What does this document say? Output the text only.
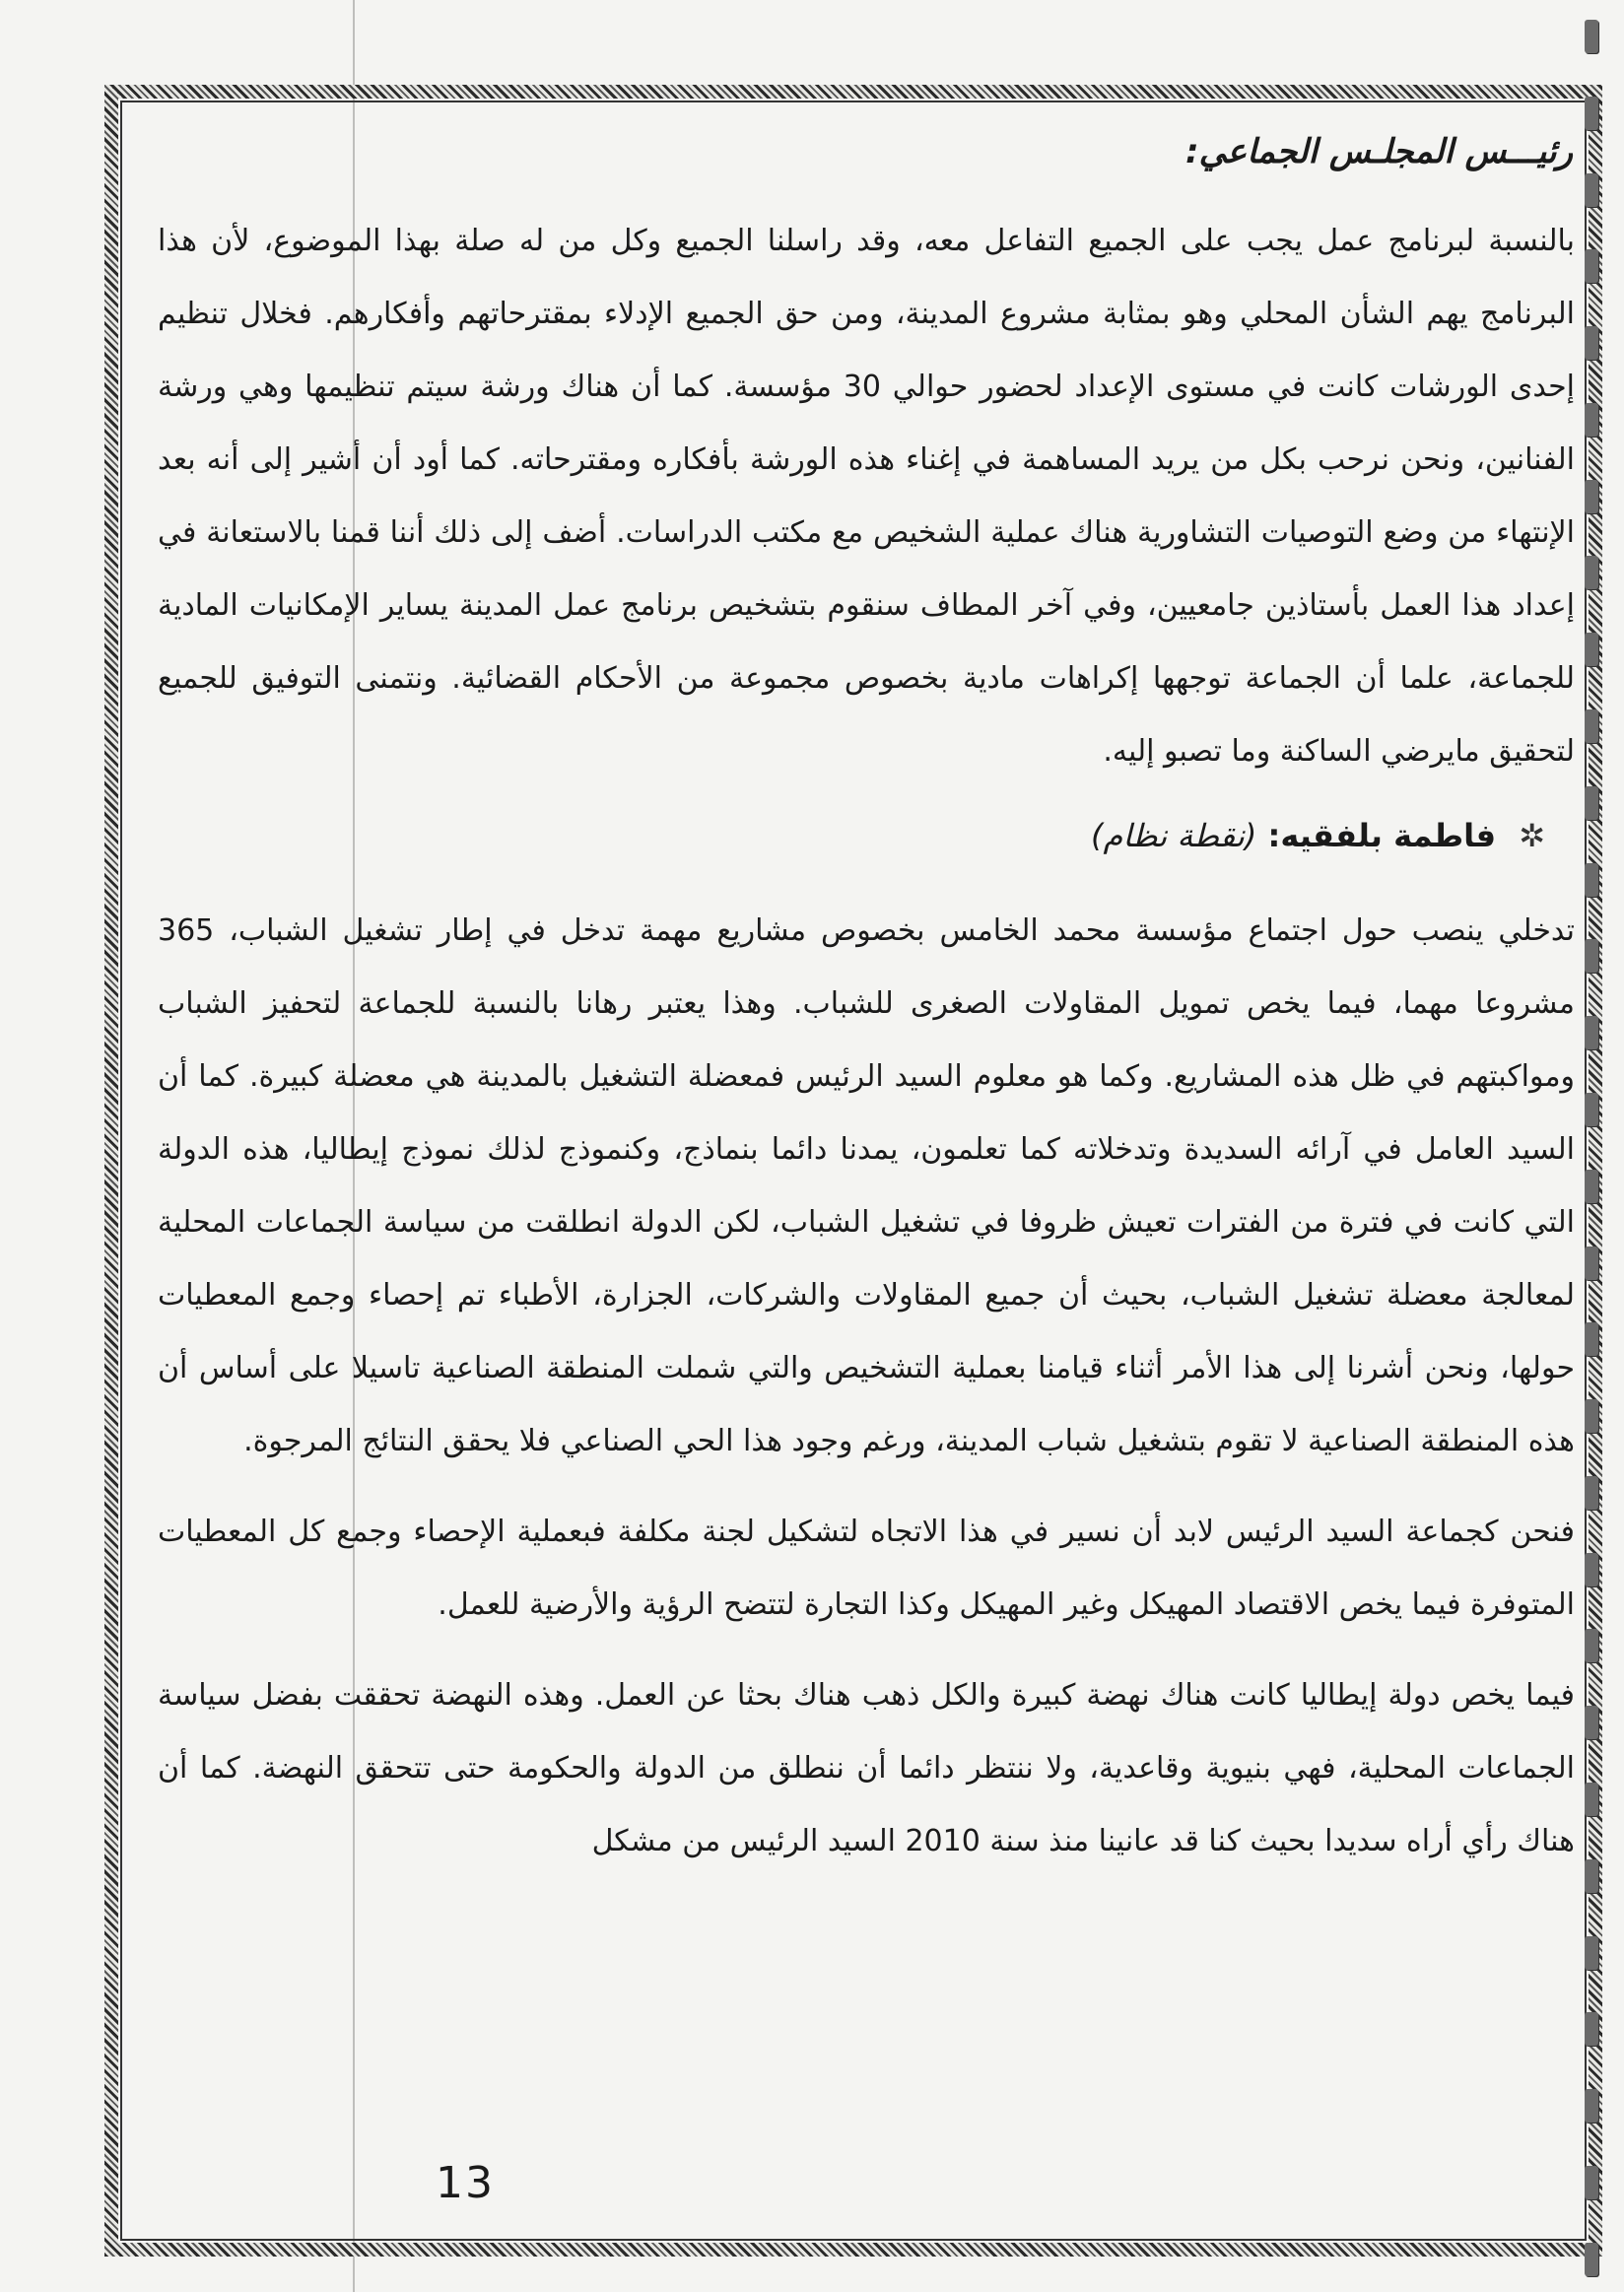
رئيـــس المجلـس الجماعي:

بالنسبة لبرنامج عمل يجب على الجميع التفاعل معه، وقد راسلنا الجميع وكل من له صلة بهذا الموضوع، لأن هذا البرنامج يهم الشأن المحلي وهو بمثابة مشروع المدينة، ومن حق الجميع الإدلاء بمقترحاتهم وأفكارهم. فخلال تنظيم إحدى الورشات كانت في مستوى الإعداد لحضور حوالي 30 مؤسسة. كما أن هناك ورشة سيتم تنظيمها وهي ورشة الفنانين، ونحن نرحب بكل من يريد المساهمة في إغناء هذه الورشة بأفكاره ومقترحاته. كما أود أن أشير إلى أنه بعد الإنتهاء من وضع التوصيات التشاورية هناك عملية الشخيص مع مكتب الدراسات. أضف إلى ذلك أننا قمنا بالاستعانة في إعداد هذا العمل بأستاذين جامعيين، وفي آخر المطاف سنقوم بتشخيص برنامج عمل المدينة يساير الإمكانيات المادية للجماعة، علما أن الجماعة توجهها إكراهات مادية بخصوص مجموعة من الأحكام القضائية. ونتمنى التوفيق للجميع لتحقيق مايرضي الساكنة وما تصبو إليه.

✲ فاطمة بلفقيه: (نقطة نظام)

تدخلي ينصب حول اجتماع مؤسسة محمد الخامس بخصوص مشاريع مهمة تدخل في إطار تشغيل الشباب، 365 مشروعا مهما، فيما يخص تمويل المقاولات الصغرى للشباب. وهذا يعتبر رهانا بالنسبة للجماعة لتحفيز الشباب ومواكبتهم في ظل هذه المشاريع. وكما هو معلوم السيد الرئيس فمعضلة التشغيل بالمدينة هي معضلة كبيرة. كما أن السيد العامل في آرائه السديدة وتدخلاته كما تعلمون، يمدنا دائما بنماذج، وكنموذج لذلك نموذج إيطاليا، هذه الدولة التي كانت في فترة من الفترات تعيش ظروفا في تشغيل الشباب، لكن الدولة انطلقت من سياسة الجماعات المحلية لمعالجة معضلة تشغيل الشباب، بحيث أن جميع المقاولات والشركات، الجزارة، الأطباء تم إحصاء وجمع المعطيات حولها، ونحن أشرنا إلى هذا الأمر أثناء قيامنا بعملية التشخيص والتي شملت المنطقة الصناعية تاسيلا على أساس أن هذه المنطقة الصناعية لا تقوم بتشغيل شباب المدينة، ورغم وجود هذا الحي الصناعي فلا يحقق النتائج المرجوة.

فنحن كجماعة السيد الرئيس لابد أن نسير في هذا الاتجاه لتشكيل لجنة مكلفة فبعملية الإحصاء وجمع كل المعطيات المتوفرة فيما يخص الاقتصاد المهيكل وغير المهيكل وكذا التجارة لتتضح الرؤية والأرضية للعمل.

فيما يخص دولة إيطاليا كانت هناك نهضة كبيرة والكل ذهب هناك بحثا عن العمل. وهذه النهضة تحققت بفضل سياسة الجماعات المحلية، فهي بنيوية وقاعدية، ولا ننتظر دائما أن ننطلق من الدولة والحكومة حتى تتحقق النهضة. كما أن هناك رأي أراه سديدا بحيث كنا قد عانينا منذ سنة 2010 السيد الرئيس من مشكل

13
